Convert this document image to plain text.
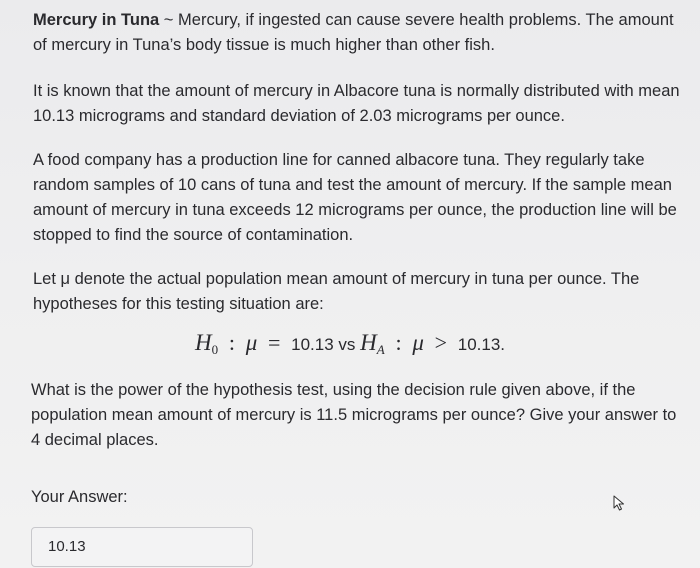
Mercury in Tuna ~ Mercury, if ingested can cause severe health problems. The amount of mercury in Tuna’s body tissue is much higher than other fish.

It is known that the amount of mercury in Albacore tuna is normally distributed with mean 10.13 micrograms and standard deviation of 2.03 micrograms per ounce.

A food company has a production line for canned albacore tuna. They regularly take random samples of 10 cans of tuna and test the amount of mercury. If the sample mean amount of mercury in tuna exceeds 12 micrograms per ounce, the production line will be stopped to find the source of contamination.

Let μ denote the actual population mean amount of mercury in tuna per ounce. The hypotheses for this testing situation are:

$H_0$ : μ = 10.13 vs $H_A$ : μ > 10.13.

What is the power of the hypothesis test, using the decision rule given above, if the population mean amount of mercury is 11.5 micrograms per ounce? Give your answer to 4 decimal places.

Your Answer:
10.13
